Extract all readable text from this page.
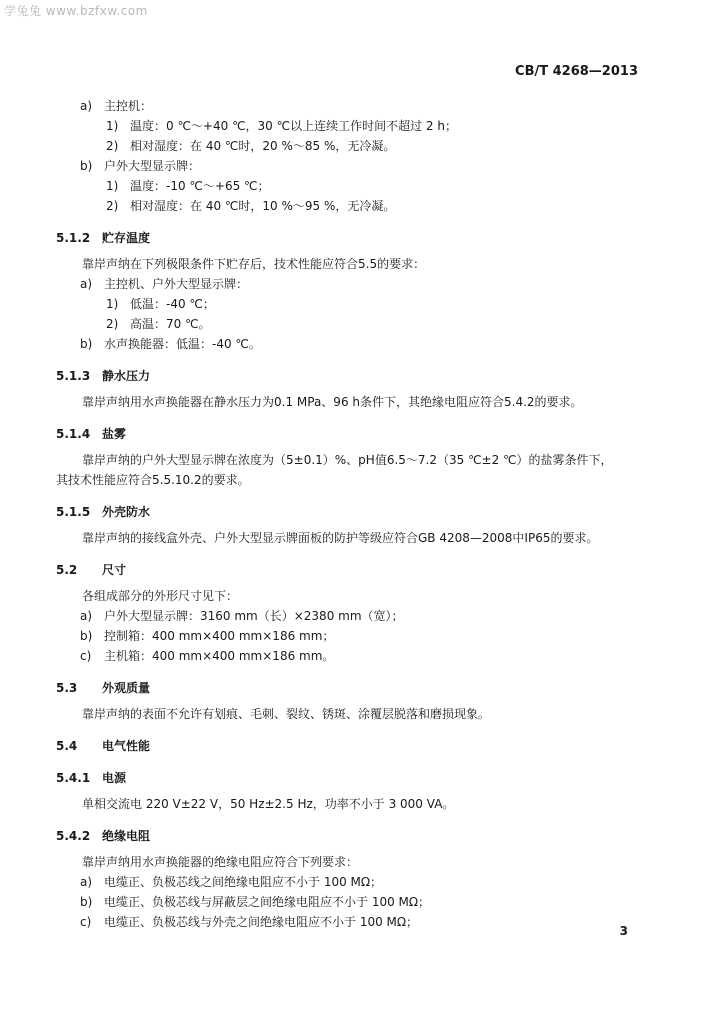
学兔兔 www.bzfxw.com
CB/T 4268—2013
a) 主控机：
1) 温度：0 ℃～+40 ℃，30 ℃以上连续工作时间不超过 2 h；
2) 相对湿度：在 40 ℃时，20 %～85 %，无冷凝。
b) 户外大型显示牌：
1) 温度：-10 ℃～+65 ℃；
2) 相对湿度：在 40 ℃时，10 %～95 %，无冷凝。
5.1.2 贮存温度
靠岸声纳在下列极限条件下贮存后，技术性能应符合5.5的要求：
a) 主控机、户外大型显示牌：
1) 低温：-40 ℃；
2) 高温：70 ℃。
b) 水声换能器：低温：-40 ℃。
5.1.3 静水压力
靠岸声纳用水声换能器在静水压力为0.1 MPa、96 h条件下，其绝缘电阻应符合5.4.2的要求。
5.1.4 盐雾
靠岸声纳的户外大型显示牌在浓度为（5±0.1）%、pH值6.5～7.2（35 ℃±2 ℃）的盐雾条件下，
其技术性能应符合5.5.10.2的要求。
5.1.5 外壳防水
靠岸声纳的接线盒外壳、户外大型显示牌面板的防护等级应符合GB 4208—2008中IP65的要求。
5.2 尺寸
各组成部分的外形尺寸见下：
a) 户外大型显示牌：3160 mm（长）×2380 mm（宽）；
b) 控制箱：400 mm×400 mm×186 mm；
c) 主机箱：400 mm×400 mm×186 mm。
5.3 外观质量
靠岸声纳的表面不允许有划痕、毛刺、裂纹、锈斑、涂覆层脱落和磨损现象。
5.4 电气性能
5.4.1 电源
单相交流电 220 V±22 V，50 Hz±2.5 Hz，功率不小于 3 000 VA。
5.4.2 绝缘电阻
靠岸声纳用水声换能器的绝缘电阻应符合下列要求：
a) 电缆正、负极芯线之间绝缘电阻应不小于 100 MΩ；
b) 电缆正、负极芯线与屏蔽层之间绝缘电阻应不小于 100 MΩ；
c) 电缆正、负极芯线与外壳之间绝缘电阻应不小于 100 MΩ；
3
